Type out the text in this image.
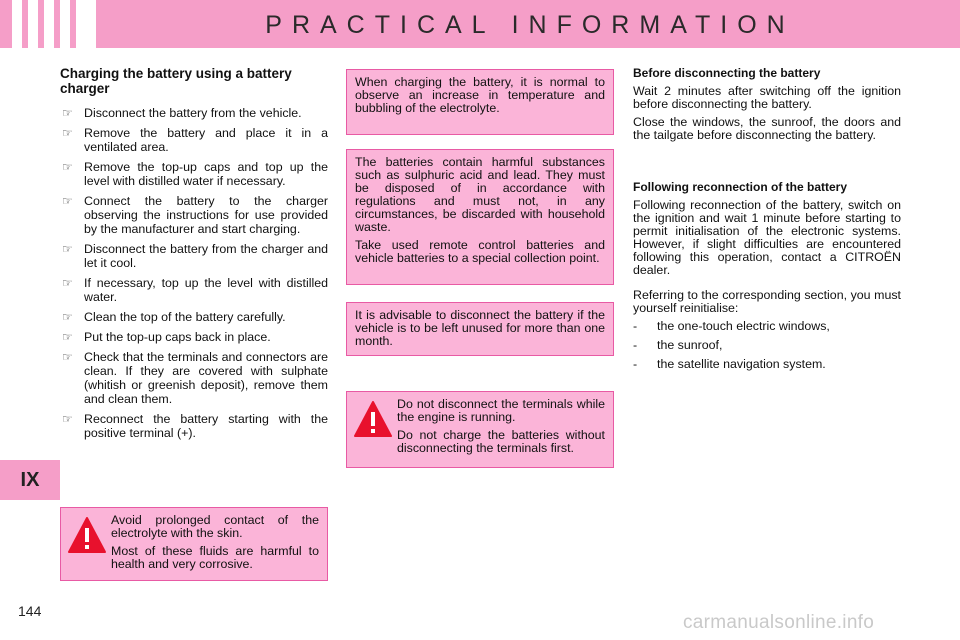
PRACTICAL INFORMATION
IX
Charging the battery using a battery charger
☞ Disconnect the battery from the vehicle.
☞ Remove the battery and place it in a ventilated area.
☞ Remove the top-up caps and top up the level with distilled water if necessary.
☞ Connect the battery to the charger observing the instructions for use provided by the manufacturer and start charging.
☞ Disconnect the battery from the charger and let it cool.
☞ If necessary, top up the level with distilled water.
☞ Clean the top of the battery carefully.
☞ Put the top-up caps back in place.
☞ Check that the terminals and connectors are clean. If they are covered with sulphate (whitish or greenish deposit), remove them and clean them.
☞ Reconnect the battery starting with the positive terminal (+).

Avoid prolonged contact of the electrolyte with the skin.

Most of these fluids are harmful to health and very corrosive.

When charging the battery, it is normal to observe an increase in temperature and bubbling of the electrolyte.

The batteries contain harmful substances such as sulphuric acid and lead. They must be disposed of in accordance with regulations and must not, in any circumstances, be discarded with household waste.

Take used remote control batteries and vehicle batteries to a special collection point.

It is advisable to disconnect the battery if the vehicle is to be left unused for more than one month.

Do not disconnect the terminals while the engine is running.

Do not charge the batteries without disconnecting the terminals first.

Before disconnecting the battery

Wait 2 minutes after switching off the ignition before disconnecting the battery.

Close the windows, the sunroof, the doors and the tailgate before disconnecting the battery.

Following reconnection of the battery

Following reconnection of the battery, switch on the ignition and wait 1 minute before starting to permit initialisation of the electronic systems. However, if slight difficulties are encountered following this operation, contact a CITROËN dealer.

Referring to the corresponding section, you must yourself reinitialise:

- the one-touch electric windows,
- the sunroof,
- the satellite navigation system.
144
carmanualsonline.info
